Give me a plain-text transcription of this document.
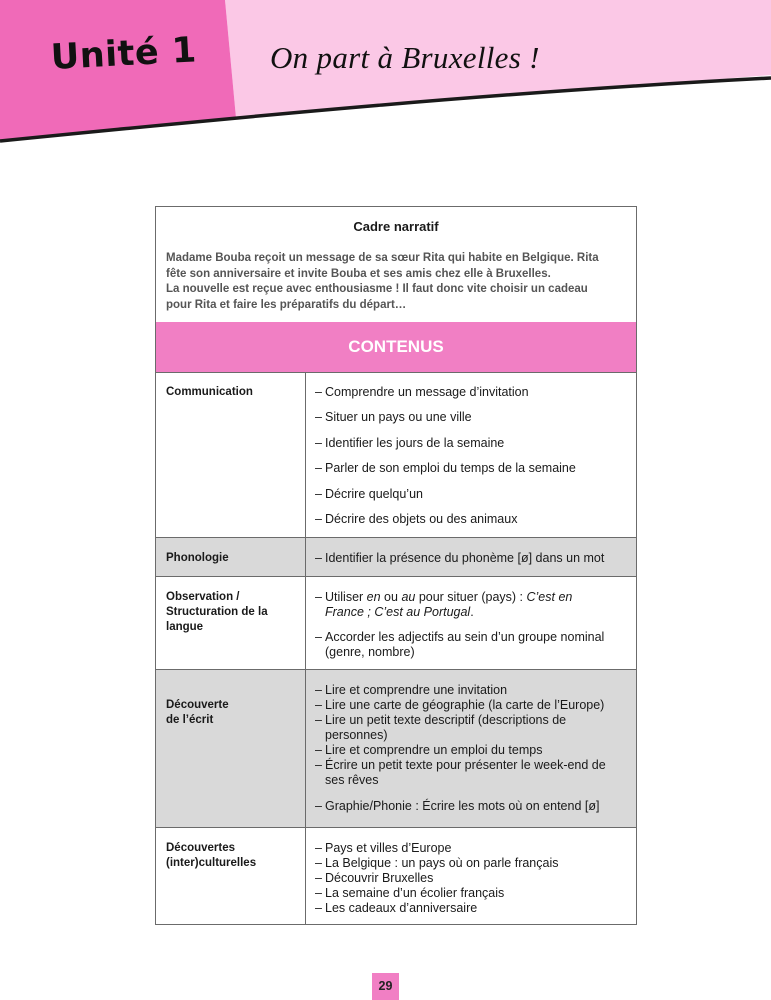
Unité 1 On part à Bruxelles !
Cadre narratif
Madame Bouba reçoit un message de sa sœur Rita qui habite en Belgique. Rita
fête son anniversaire et invite Bouba et ses amis chez elle à Bruxelles.
La nouvelle est reçue avec enthousiasme ! Il faut donc vite choisir un cadeau
pour Rita et faire les préparatifs du départ…
CONTENUS
Communication	– Comprendre un message d’invitation
– Situer un pays ou une ville
– Identifier les jours de la semaine
– Parler de son emploi du temps de la semaine
– Décrire quelqu’un
– Décrire des objets ou des animaux
Phonologie	– Identifier la présence du phonème [ø] dans un mot
Observation /
Structuration de la
langue
– Utiliser en ou au pour situer (pays) : C’est en
France ; C’est au Portugal.
– Accorder les adjectifs au sein d’un groupe nominal
(genre, nombre)
Découverte
de l’écrit
– Lire et comprendre une invitation
– Lire une carte de géographie (la carte de l’Europe)
– Lire un petit texte descriptif (descriptions de
personnes)
– Lire et comprendre un emploi du temps
– Écrire un petit texte pour présenter le week-end de
ses rêves
– Graphie/Phonie : Écrire les mots où on entend [ø]
Découvertes
(inter)culturelles
– Pays et villes d’Europe
– La Belgique : un pays où on parle français
– Découvrir Bruxelles
– La semaine d’un écolier français
– Les cadeaux d’anniversaire
29
